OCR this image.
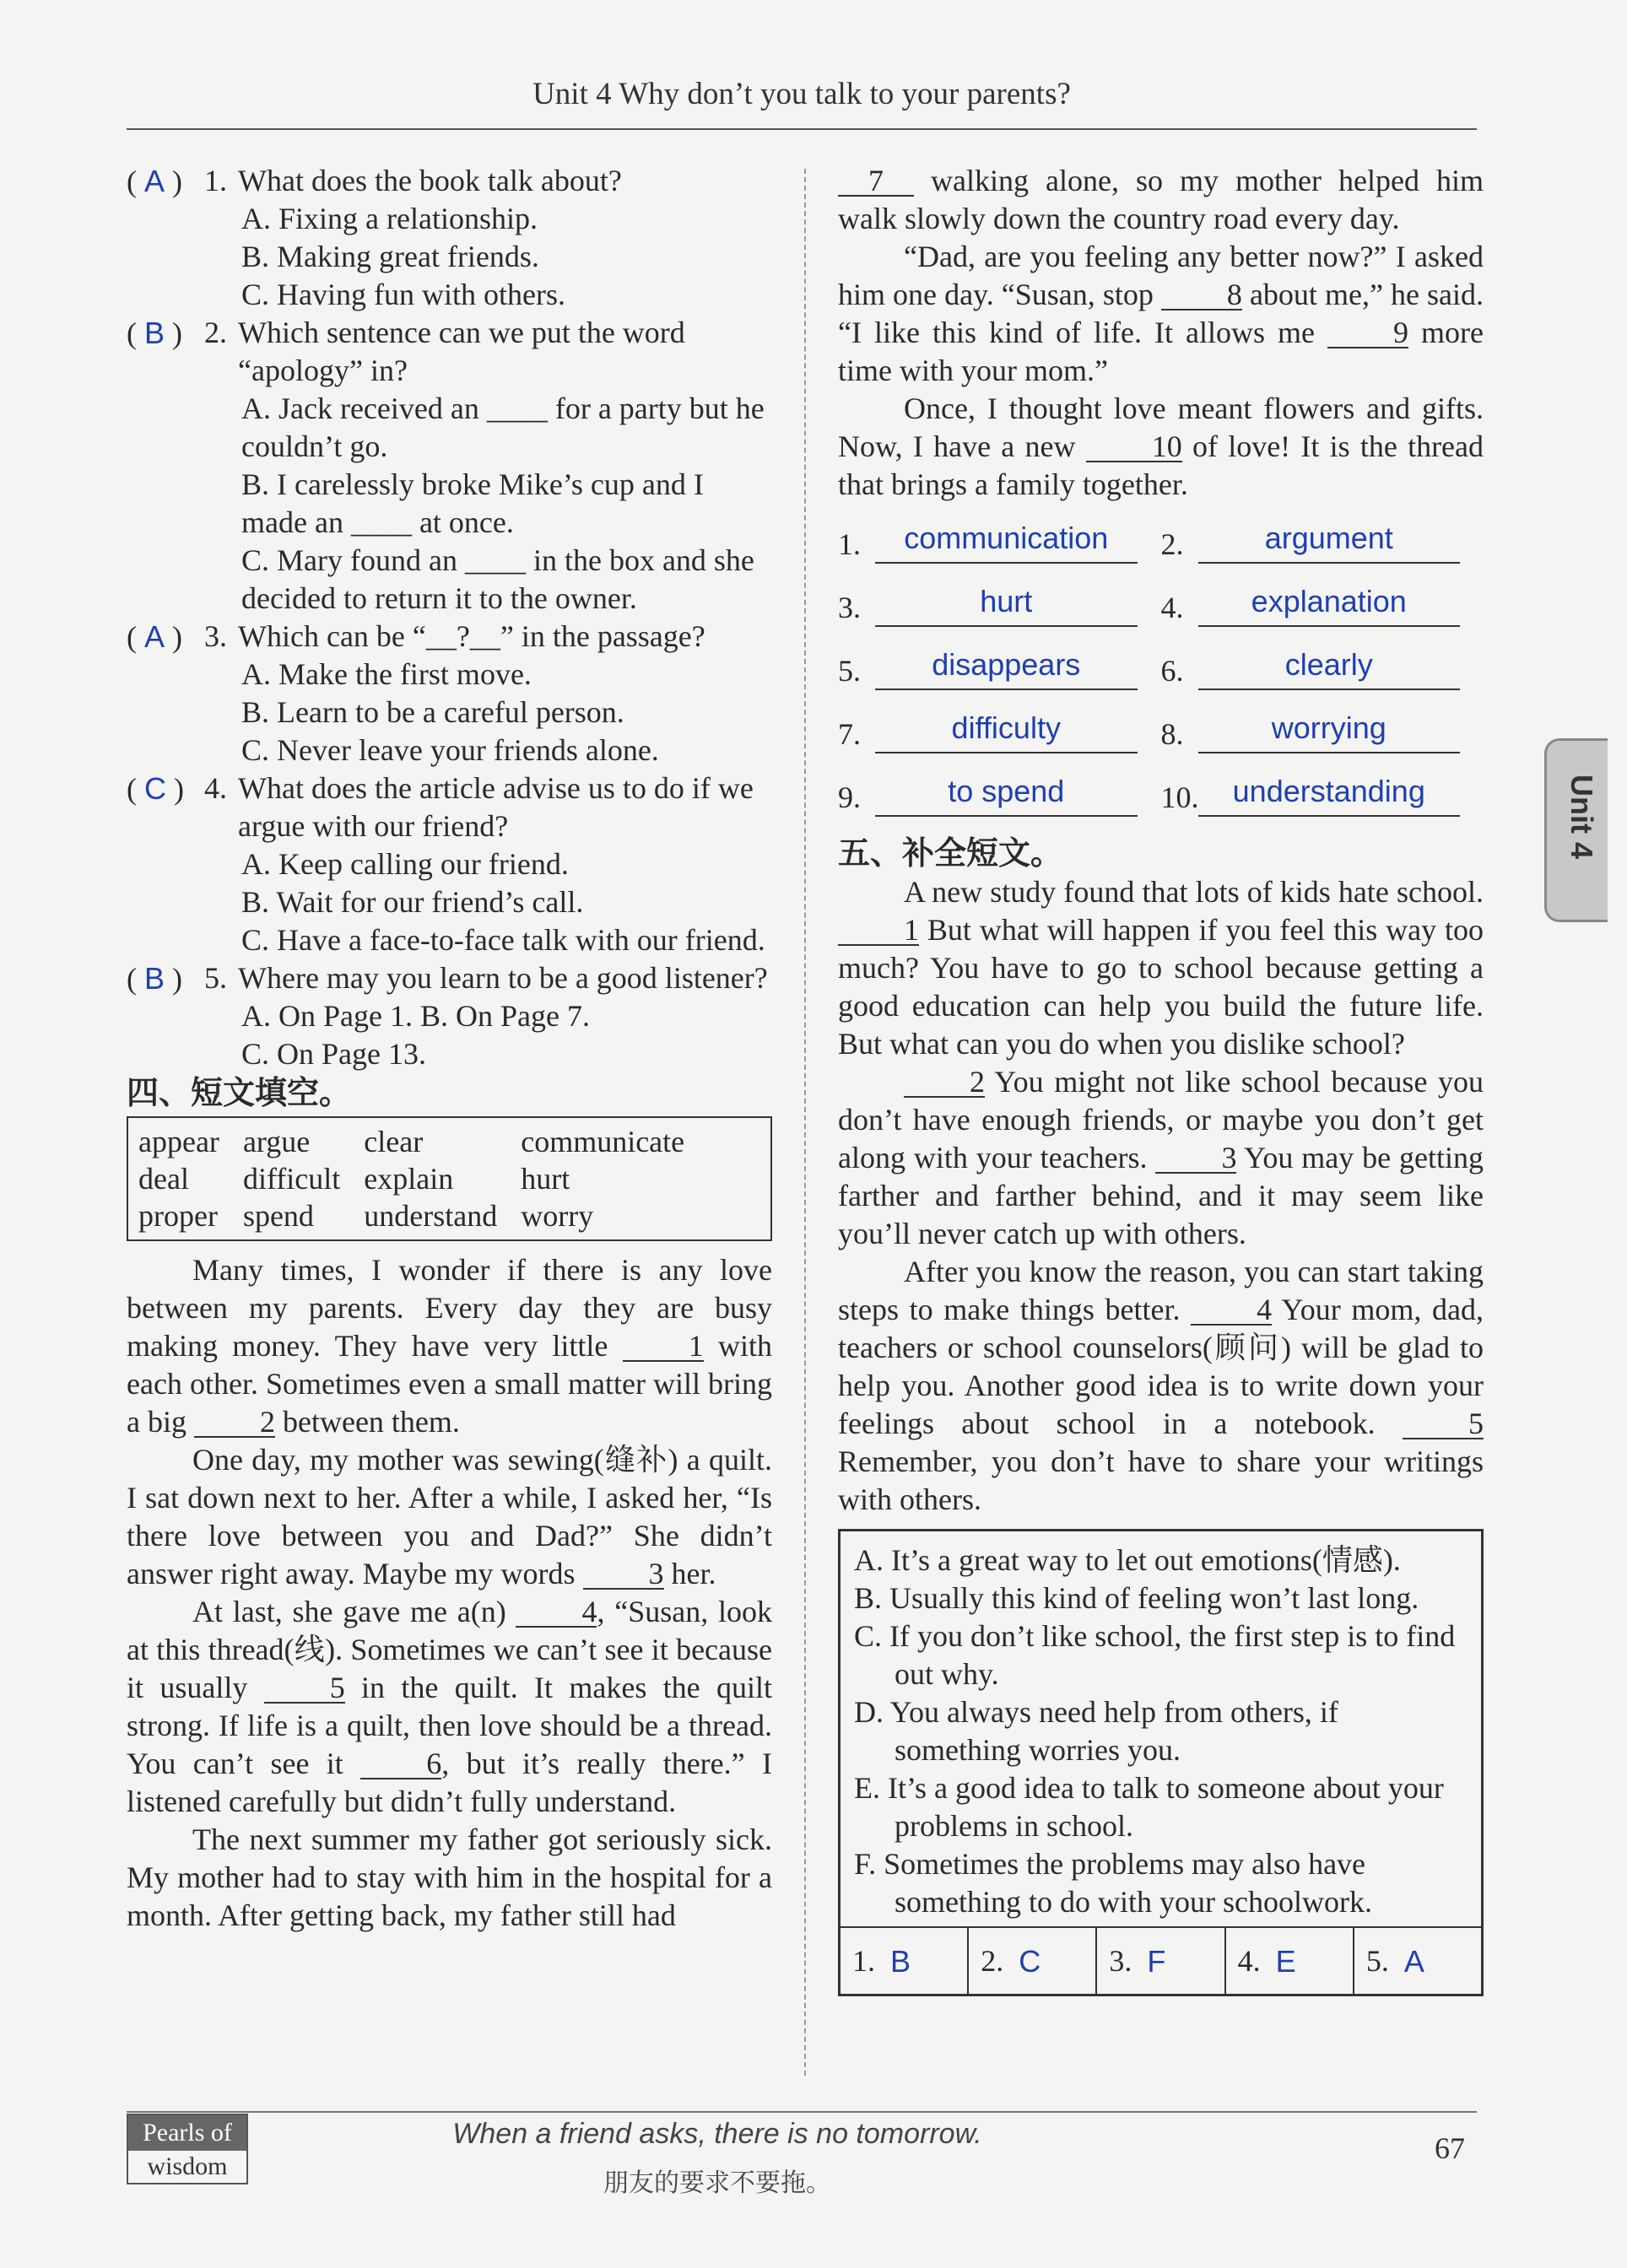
Unit 4 Why don’t you talk to your parents?
( A ) 1. What does the book talk about?
A. Fixing a relationship.
B. Making great friends.
C. Having fun with others.
( B ) 2. Which sentence can we put the word “apology” in?
A. Jack received an ____ for a party but he couldn’t go.
B. I carelessly broke Mike’s cup and I made an ____ at once.
C. Mary found an ____ in the box and she decided to return it to the owner.
( A ) 3. Which can be “__?__” in the passage?
A. Make the first move.
B. Learn to be a careful person.
C. Never leave your friends alone.
( C ) 4. What does the article advise us to do if we argue with our friend?
A. Keep calling our friend.
B. Wait for our friend’s call.
C. Have a face-to-face talk with our friend.
( B ) 5. Where may you learn to be a good listener?
A. On Page 1. B. On Page 7.
C. On Page 13.
四、短文填空。
appear	argue	clear	communicate
deal	difficult	explain	hurt
proper	spend	understand	worry

Many times, I wonder if there is any love between my parents. Every day they are busy making money. They have very little	1 with each other. Sometimes even a small matter will bring a big 2 between them.

One day, my mother was sewing(缝补) a quilt. I sat down next to her. After a while, I asked her, “Is there love between you and Dad?” She didn’t answer right away. Maybe my words 3 her.

At last, she gave me a(n) 4, “Susan, look at this thread(线). Sometimes we can’t see it because it usually	5 in the quilt. It makes the quilt strong. If life is a quilt, then love should be a thread. You can’t see it	6, but it’s really there.” I listened carefully but didn’t fully understand.

The next summer my father got seriously sick. My mother had to stay with him in the hospital for a month. After getting back, my father still had

7 walking alone, so my mother helped him walk slowly down the country road every day.

“Dad, are you feeling any better now?” I asked him one day. “Susan, stop 8 about me,” he said. “I like this kind of life. It allows me	9 more time with your mom.”

Once, I thought love meant flowers and gifts. Now, I have a new	10 of love! It is the thread that brings a family together.

1.	communication	2.	argument
3.	hurt	4.	explanation
5.	disappears	6.	clearly
7.	difficulty	8.	worrying
9.	to spend	10.	understanding
五、补全短文。

A new study found that lots of kids hate school. 1 But what will happen if you feel this way too much? You have to go to school because getting a good education can help you build the future life. But what can you do when you dislike school?

2 You might not like school because you don’t have enough friends, or maybe you don’t get along with your teachers. 3 You may be getting farther and farther behind, and it may seem like you’ll never catch up with others.

After you know the reason, you can start taking steps to make things better.	4 Your mom, dad, teachers or school counselors(顾问) will be glad to help you. Another good idea is to write down your feelings about school in a notebook.	5 Remember, you don’t have to share your writings with others.

A. It’s a great way to let out emotions(情感).
B. Usually this kind of feeling won’t last long.
C. If you don’t like school, the first step is to find out why.
D. You always need help from others, if something worries you.
E. It’s a good idea to talk to someone about your problems in school.
F. Sometimes the problems may also have something to do with your schoolwork.
1. B 2. C 3. F 4. E 5. A
Unit 4
Pearls of
wisdom
When a friend asks, there is no tomorrow.
朋友的要求不要拖。
67
